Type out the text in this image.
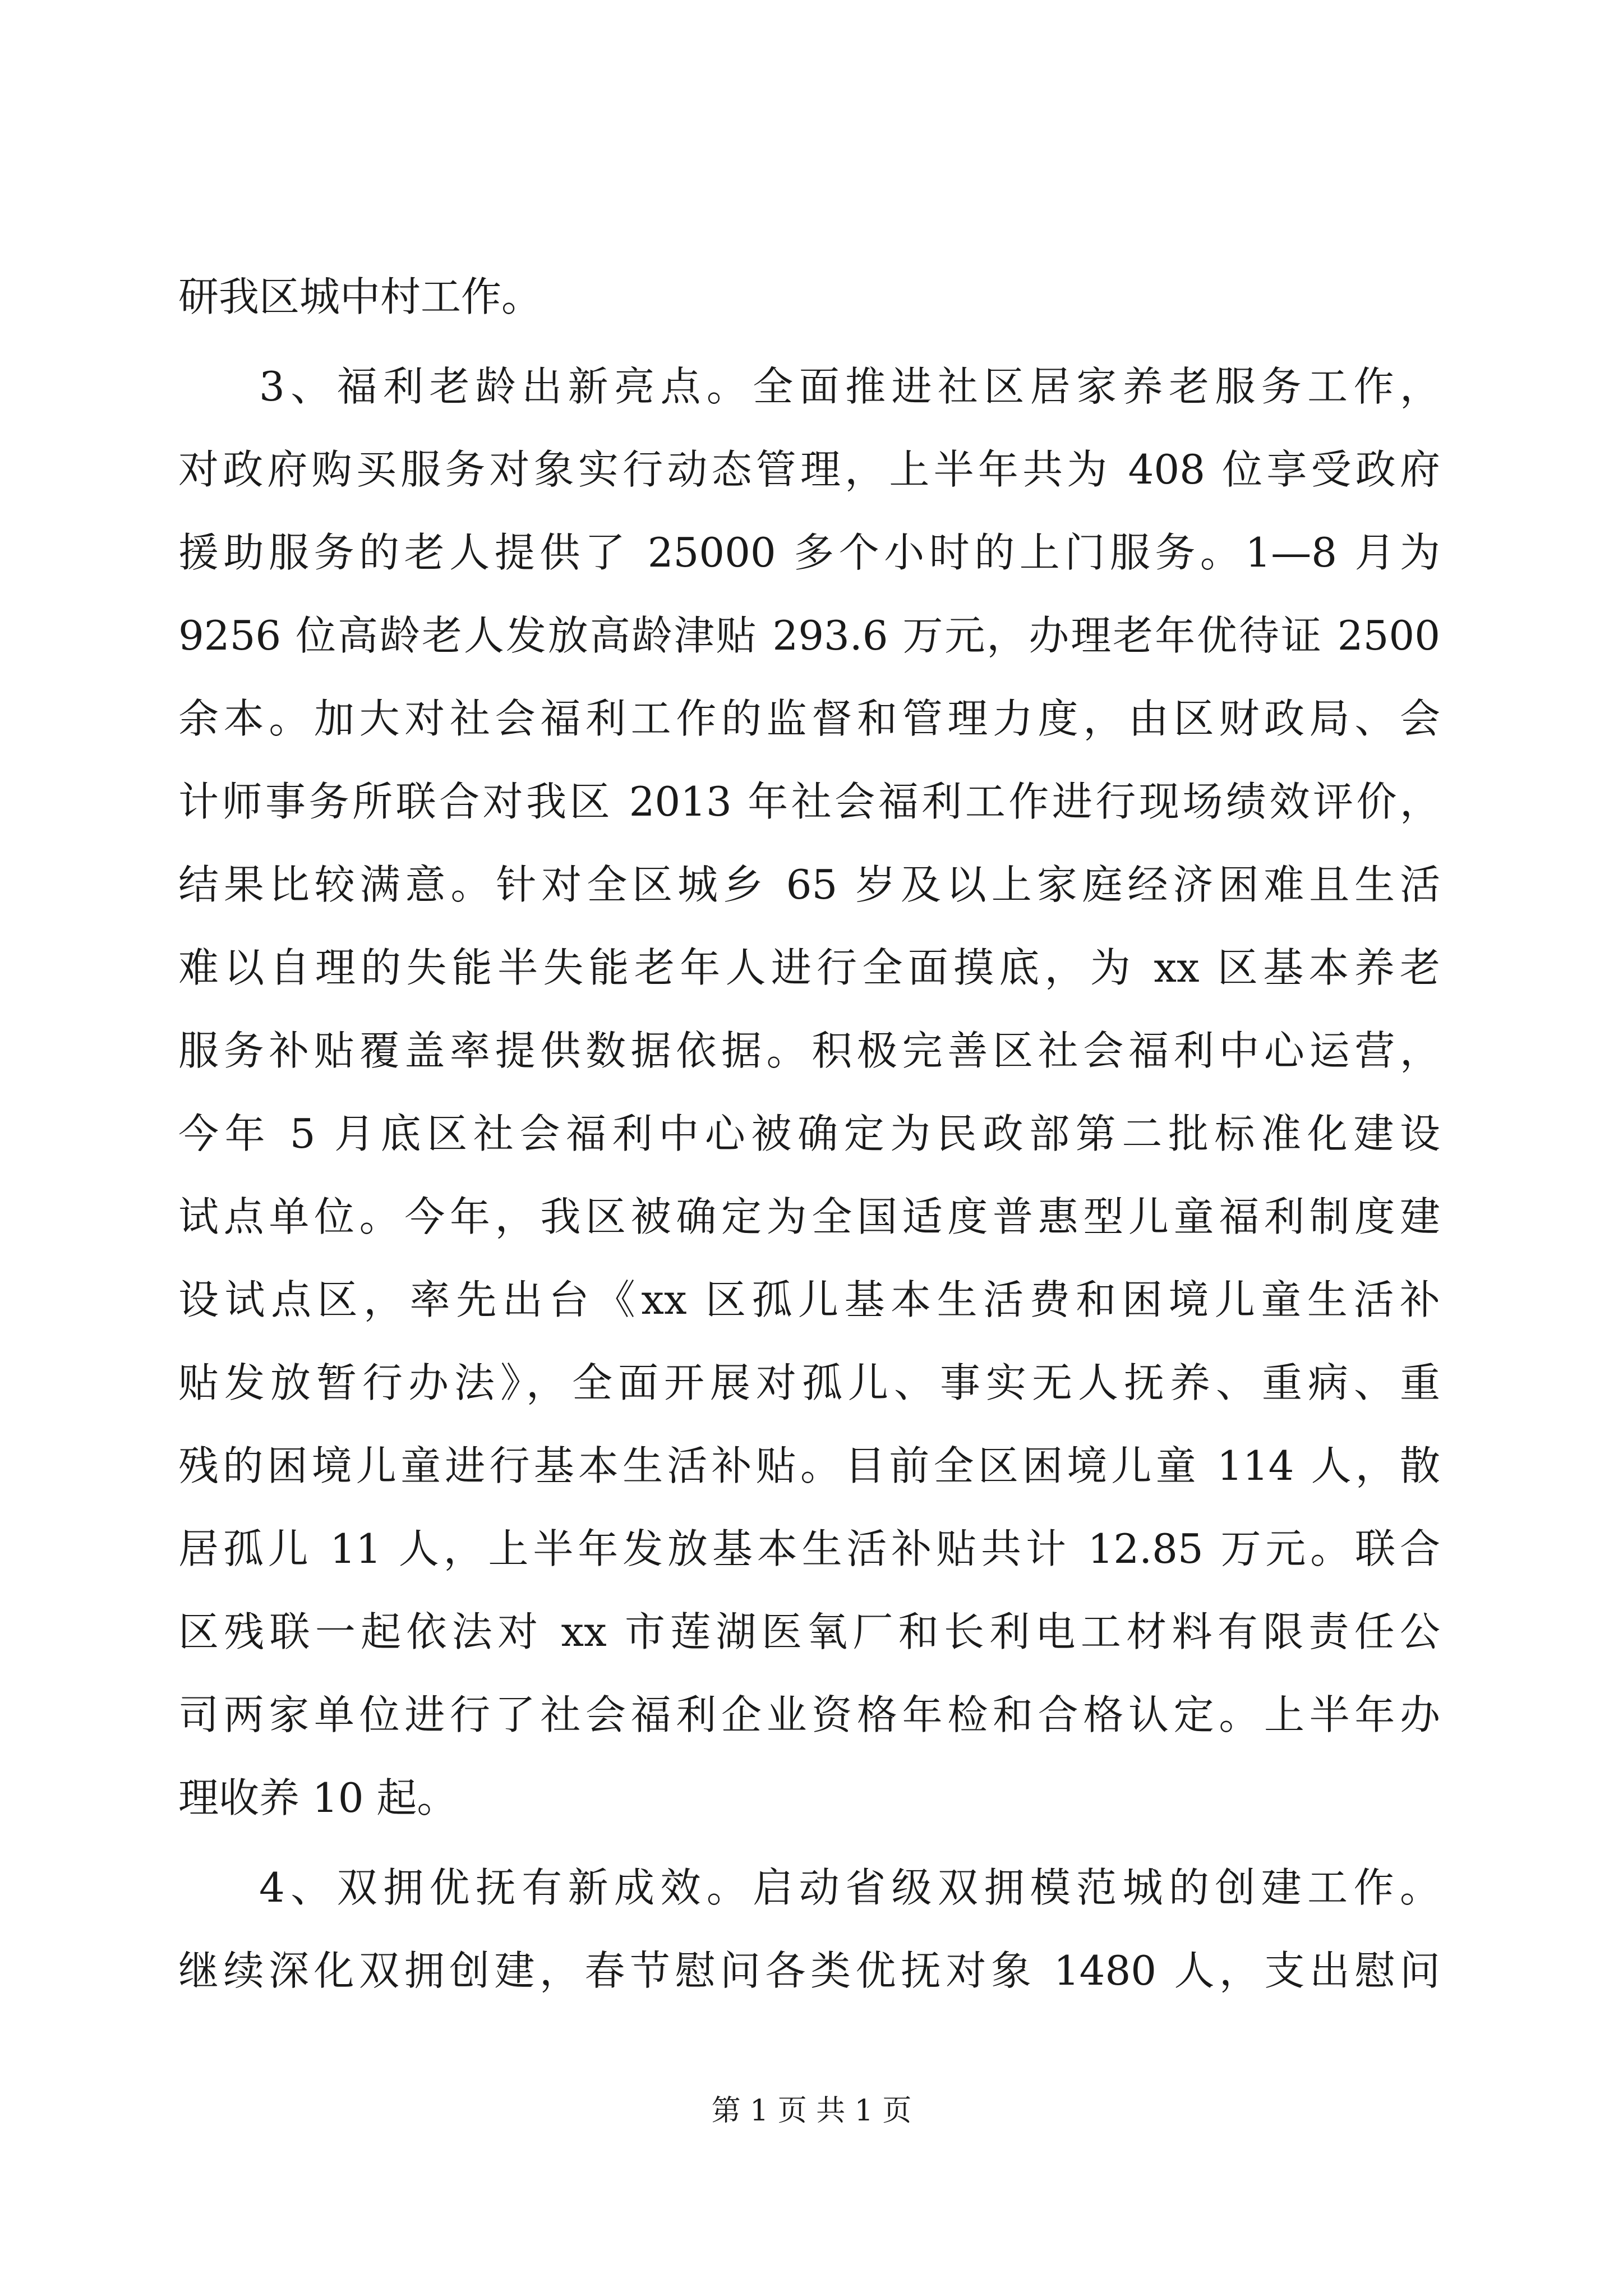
研我区城中村工作。
3、福利老龄出新亮点。全面推进社区居家养老服务工作，
对政府购买服务对象实行动态管理，上半年共为 408 位享受政府
援助服务的老人提供了 25000 多个小时的上门服务。1—8 月为
9256 位高龄老人发放高龄津贴 293.6 万元，办理老年优待证 2500
余本。加大对社会福利工作的监督和管理力度，由区财政局、会
计师事务所联合对我区 2013 年社会福利工作进行现场绩效评价，
结果比较满意。针对全区城乡 65 岁及以上家庭经济困难且生活
难以自理的失能半失能老年人进行全面摸底，为 xx 区基本养老
服务补贴覆盖率提供数据依据。积极完善区社会福利中心运营，
今年 5 月底区社会福利中心被确定为民政部第二批标准化建设
试点单位。今年，我区被确定为全国适度普惠型儿童福利制度建
设试点区，率先出台《xx 区孤儿基本生活费和困境儿童生活补
贴发放暂行办法》，全面开展对孤儿、事实无人抚养、重病、重
残的困境儿童进行基本生活补贴。目前全区困境儿童 114 人，散
居孤儿 11 人，上半年发放基本生活补贴共计 12.85 万元。联合
区残联一起依法对 xx 市莲湖医氧厂和长利电工材料有限责任公
司两家单位进行了社会福利企业资格年检和合格认定。上半年办
理收养 10 起。
4、双拥优抚有新成效。启动省级双拥模范城的创建工作。
继续深化双拥创建，春节慰问各类优抚对象 1480 人，支出慰问
第 1 页 共 1 页
